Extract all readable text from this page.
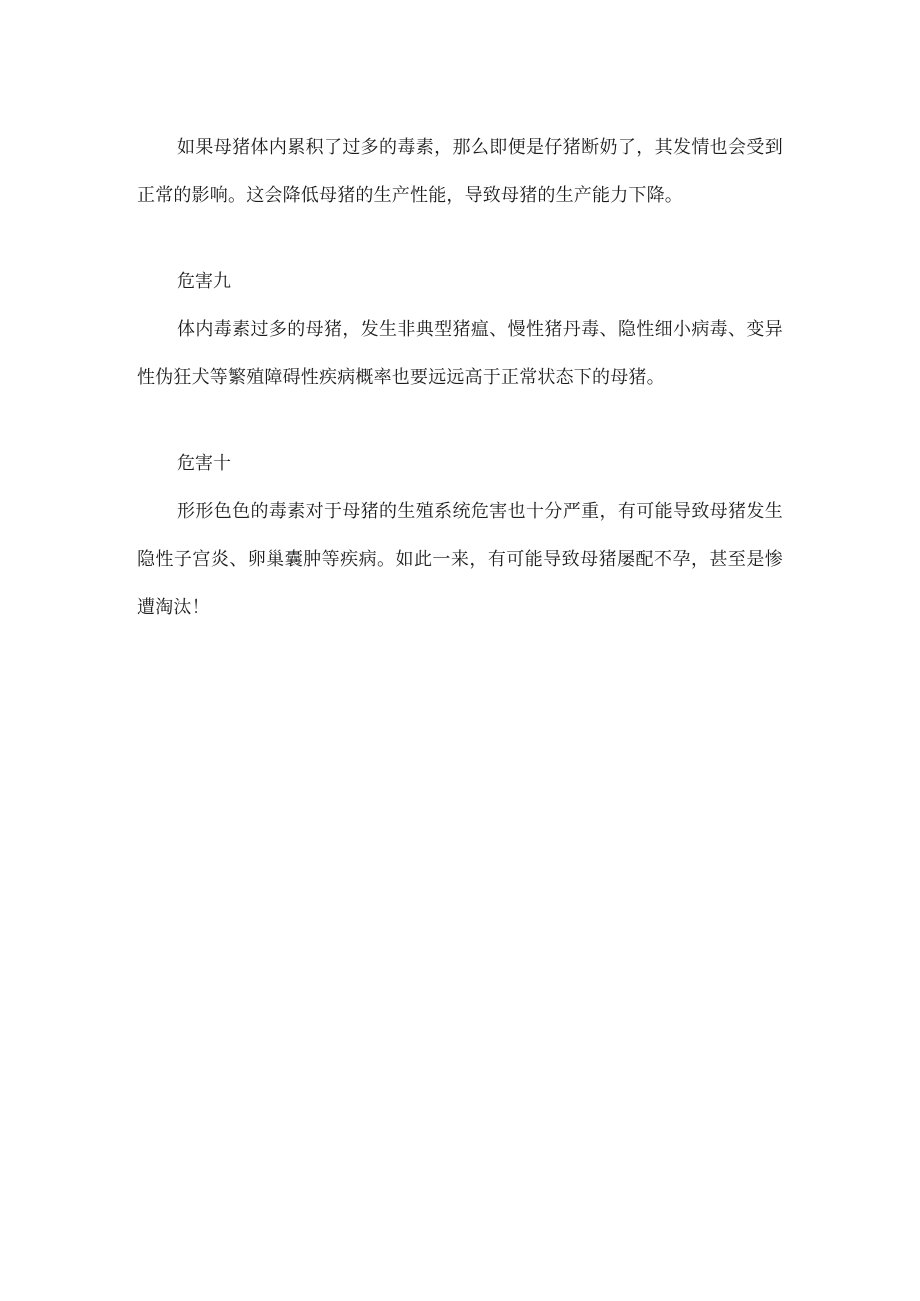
如果母猪体内累积了过多的毒素，那么即便是仔猪断奶了，其发情也会受到正常的影响。这会降低母猪的生产性能，导致母猪的生产能力下降。

危害九

体内毒素过多的母猪，发生非典型猪瘟、慢性猪丹毒、隐性细小病毒、变异性伪狂犬等繁殖障碍性疾病概率也要远远高于正常状态下的母猪。

危害十

形形色色的毒素对于母猪的生殖系统危害也十分严重，有可能导致母猪发生隐性子宫炎、卵巢囊肿等疾病。如此一来，有可能导致母猪屡配不孕，甚至是惨遭淘汰！
